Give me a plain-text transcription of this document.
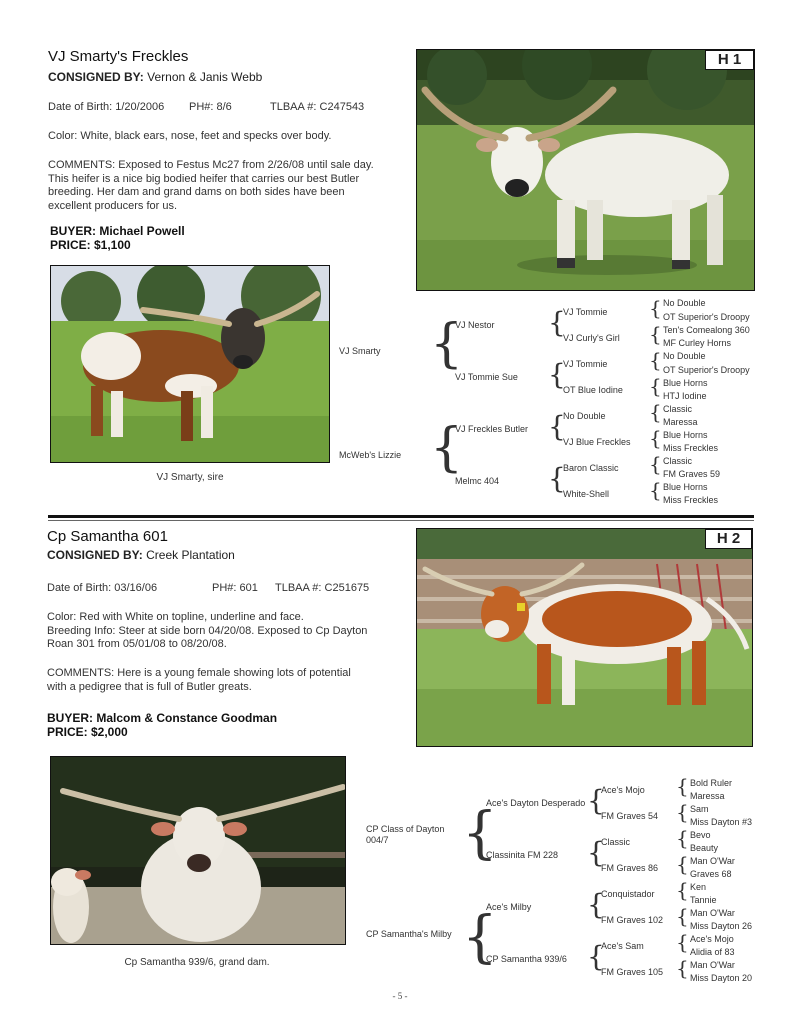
VJ Smarty's Freckles
CONSIGNED BY: Vernon & Janis Webb
Date of Birth: 1/20/2006 PH#: 8/6	TLBAA #: C247543
Color: White, black ears, nose, feet and specks over body.
COMMENTS: Exposed to Festus Mc27 from 2/26/08 until sale day.
This heifer is a nice big bodied heifer that carries our best Butler
breeding. Her dam and grand dams on both sides have been
excellent producers for us.
BUYER: Michael Powell
PRICE: $1,100
H 1
VJ Smarty, sire
VJ Smarty
McWeb's Lizzie
{
{
VJ Nestor
VJ Tommie Sue
VJ Freckles Butler
Melmc 404
{
{
{
{
VJ Tommie
VJ Curly's Girl
VJ Tommie
OT Blue Iodine
No Double
VJ Blue Freckles
Baron Classic
White-Shell
{
{
{
{
{
{
{
{
No Double
OT Superior's Droopy
Ten's Comealong 360
MF Curley Horns
No Double
OT Superior's Droopy
Blue Horns
HTJ Iodine
Classic
Maressa
Blue Horns
Miss Freckles
Classic
FM Graves 59
Blue Horns
Miss Freckles
Cp Samantha 601
CONSIGNED BY: Creek Plantation
Date of Birth: 03/16/06	PH#: 601 TLBAA #: C251675
Color: Red with White on topline, underline and face.
Breeding Info: Steer at side born 04/20/08. Exposed to Cp Dayton
Roan 301 from 05/01/08 to 08/20/08.
COMMENTS: Here is a young female showing lots of potential
with a pedigree that is full of Butler greats.
BUYER: Malcom & Constance Goodman
PRICE: $2,000
H 2
Cp Samantha 939/6, grand dam.
CP Class of Dayton
004/7
CP Samantha's Milby
{
{
Ace's Dayton Desperado
Classinita FM 228
Ace's Milby
CP Samantha 939/6
{
{
{
{
Ace's Mojo
FM Graves 54
Classic
FM Graves 86
Conquistador
FM Graves 102
Ace's Sam
FM Graves 105
{
{
{
{
{
{
{
{
Bold Ruler
Maressa
Sam
Miss Dayton #3
Bevo
Beauty
Man O'War
Graves 68
Ken
Tannie
Man O'War
Miss Dayton 26
Ace's Mojo
Alidia of 83
Man O'War
Miss Dayton 20
- 5 -
